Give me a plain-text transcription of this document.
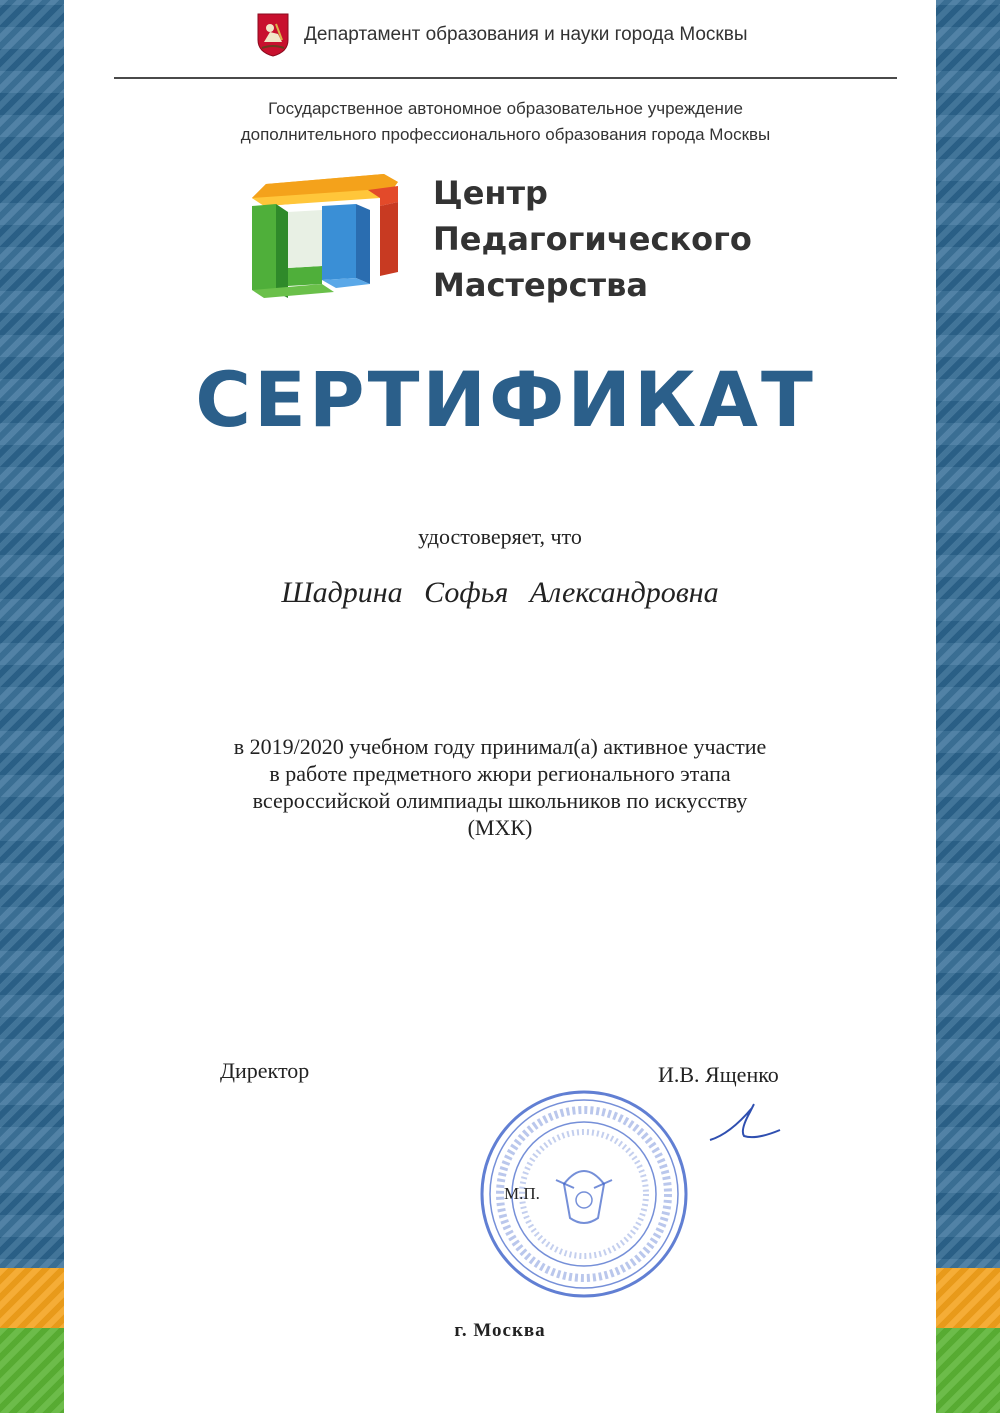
Департамент образования и науки города Москвы
Государственное автономное образовательное учреждение
дополнительного профессионального образования города Москвы
Центр
Педагогического
Мастерства
СЕРТИФИКАТ
удостоверяет, что
Шадрина Софья Александровна
в 2019/2020 учебном году принимал(а) активное участие
в работе предметного жюри регионального этапа
всероссийской олимпиады школьников по искусству
(МХК)
Директор	И.В. Ященко
М.П.
г. Москва
